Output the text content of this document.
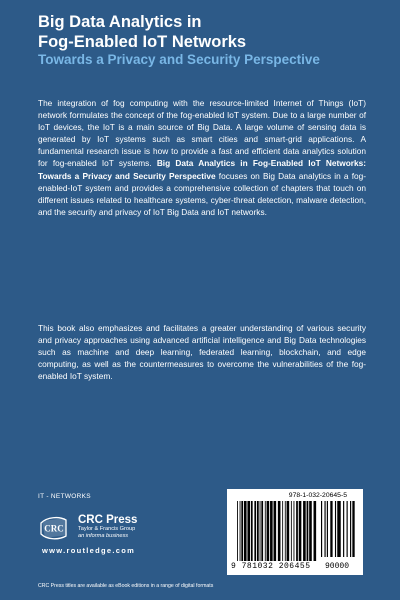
Big Data Analytics in
Fog-Enabled IoT Networks
Towards a Privacy and Security Perspective
The integration of fog computing with the resource-limited Internet of Things (IoT) network formulates the concept of the fog-enabled IoT system. Due to a large number of IoT devices, the IoT is a main source of Big Data. A large volume of sensing data is generated by IoT systems such as smart cities and smart-grid applications. A fundamental research issue is how to provide a fast and efficient data analytics solution for fog-enabled IoT systems. Big Data Analytics in Fog-Enabled IoT Networks: Towards a Privacy and Security Perspective focuses on Big Data analytics in a fog-enabled-IoT system and provides a comprehensive collection of chapters that touch on different issues related to healthcare systems, cyber-threat detection, malware detection, and the security and privacy of IoT Big Data and IoT networks.
This book also emphasizes and facilitates a greater understanding of various security and privacy approaches using advanced artificial intelligence and Big Data technologies such as machine and deep learning, federated learning, blockchain, and edge computing, as well as the countermeasures to overcome the vulnerabilities of the fog-enabled IoT system.
IT - NETWORKS
CRC
CRC Press
Taylor & Francis Group
an informa business
www.routledge.com
CRC Press titles are available as eBook editions in a range of digital formats
978-1-032-20645-5
9 781032 206455 90000
